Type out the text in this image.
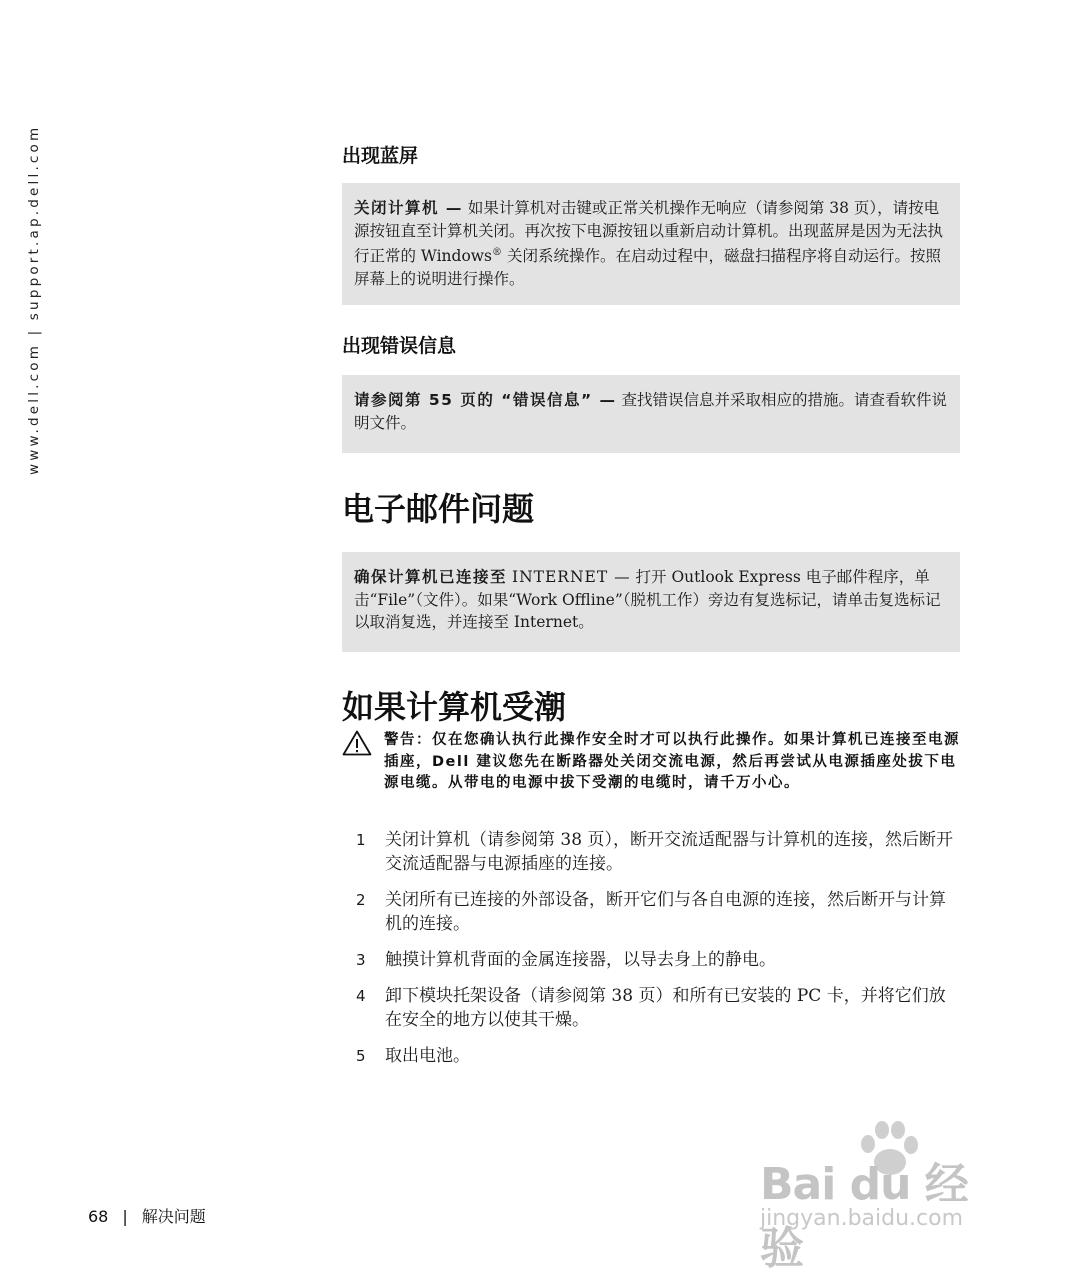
www.dell.com | support.ap.dell.com	出现蓝屏
关闭计算机 — 如果计算机对击键或正常关机操作无响应（请参阅第 38 页），请按电源按钮直至计算机关闭。再次按下电源按钮以重新启动计算机。出现蓝屏是因为无法执行正常的 Windows® 关闭系统操作。在启动过程中，磁盘扫描程序将自动运行。按照屏幕上的说明进行操作。
出现错误信息
请参阅第 55 页的 “错误信息” — 查找错误信息并采取相应的措施。请查看软件说明文件。
电子邮件问题
确保计算机已连接至 INTERNET — 打开 Outlook Express 电子邮件程序，单击“File”（文件）。如果“Work Offline”（脱机工作）旁边有复选标记，请单击复选标记以取消复选，并连接至 Internet。
如果计算机受潮
警告：仅在您确认执行此操作安全时才可以执行此操作。如果计算机已连接至电源插座，Dell 建议您先在断路器处关闭交流电源，然后再尝试从电源插座处拔下电源电缆。从带电的电源中拔下受潮的电缆时，请千万小心。
1 关闭计算机（请参阅第 38 页），断开交流适配器与计算机的连接，然后断开交流适配器与电源插座的连接。
2 关闭所有已连接的外部设备，断开它们与各自电源的连接，然后断开与计算机的连接。
3 触摸计算机背面的金属连接器，以导去身上的静电。
4 卸下模块托架设备（请参阅第 38 页）和所有已安装的 PC 卡，并将它们放在安全的地方以使其干燥。
5 取出电池。
68 | 解决问题
Bai du 经验
jingyan.baidu.com
